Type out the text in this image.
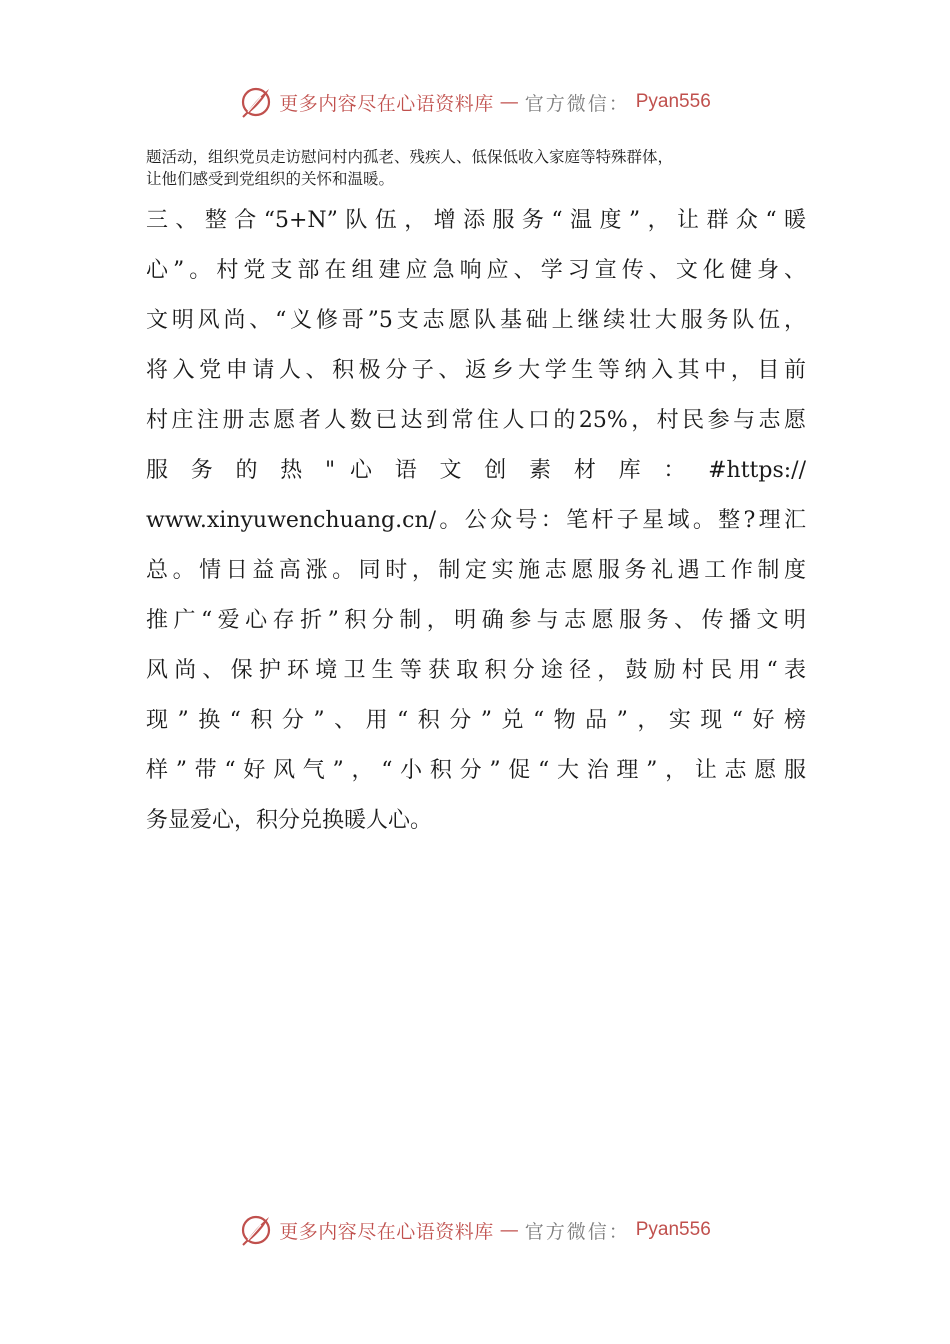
更多内容尽在心语资料库 — 官方微信： Pyan556
题活动，组织党员走访慰问村内孤老、残疾人、低保低收入家庭等特殊群体，
让他们感受到党组织的关怀和温暖。
三、整合“5+N”队伍，增添服务“温度”，让群众“暖
心”。村党支部在组建应急响应、学习宣传、文化健身、
文明风尚、“义修哥”5支志愿队基础上继续壮大服务队伍，
将入党申请人、积极分子、返乡大学生等纳入其中，目前
村庄注册志愿者人数已达到常住人口的25%，村民参与志愿
服 务 的 热 " 心 语 文 创 素 材 库 ： #https://
www.xinyuwenchuang.cn/。公众号：笔杆子星域。整?理汇
总。情日益高涨。同时，制定实施志愿服务礼遇工作制度
推广“爱心存折”积分制，明确参与志愿服务、传播文明
风尚、保护环境卫生等获取积分途径，鼓励村民用“表
现”换“积分”、用“积分”兑“物品”，实现“好榜
样”带“好风气”，“小积分”促“大治理”，让志愿服
务显爱心，积分兑换暖人心。
更多内容尽在心语资料库 — 官方微信： Pyan556
